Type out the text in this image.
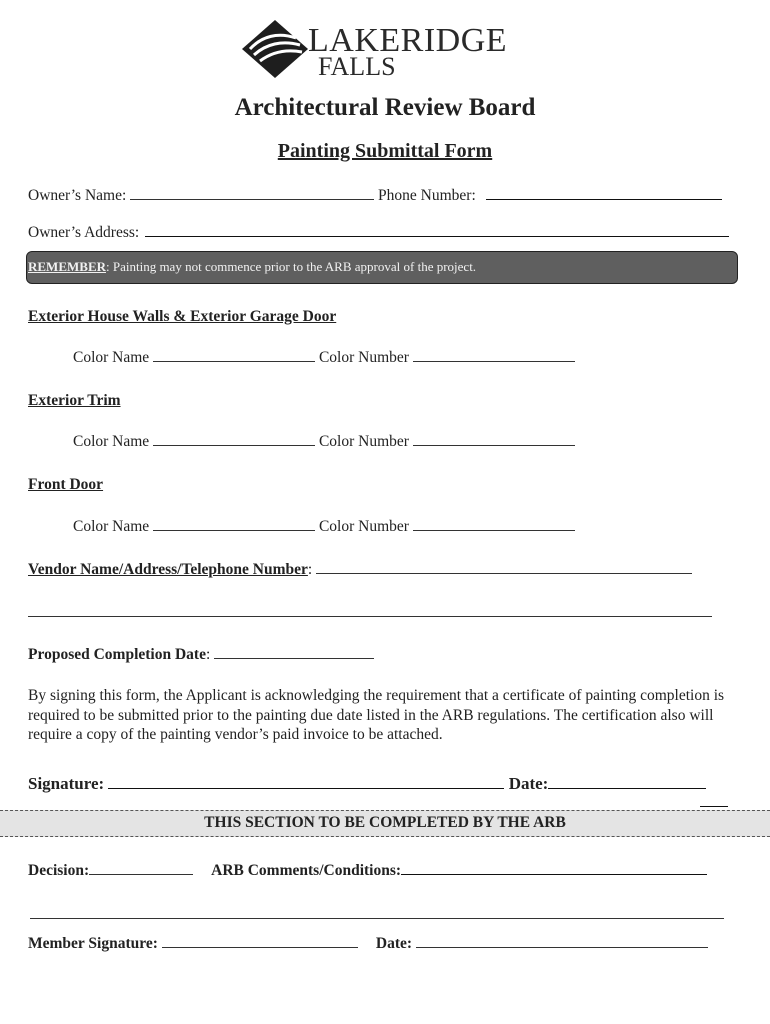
LAKERIDGE
FALLS
Architectural Review Board
Painting Submittal Form
Owner’s Name:	Phone Number:
Owner’s Address:
REMEMBER: Painting may not commence prior to the ARB approval of the project.
Exterior House Walls & Exterior Garage Door
Color Name	Color Number
Exterior Trim
Color Name	Color Number
Front Door
Color Name	Color Number
Vendor Name/Address/Telephone Number:
Proposed Completion Date:
By signing this form, the Applicant is acknowledging the requirement that a certificate of painting completion is required to be submitted prior to the painting due date listed in the ARB regulations. The certification also will require a copy of the painting vendor’s paid invoice to be attached.
Signature:	Date:
THIS SECTION TO BE COMPLETED BY THE ARB
Decision:	ARB Comments/Conditions:
Member Signature:	Date:
